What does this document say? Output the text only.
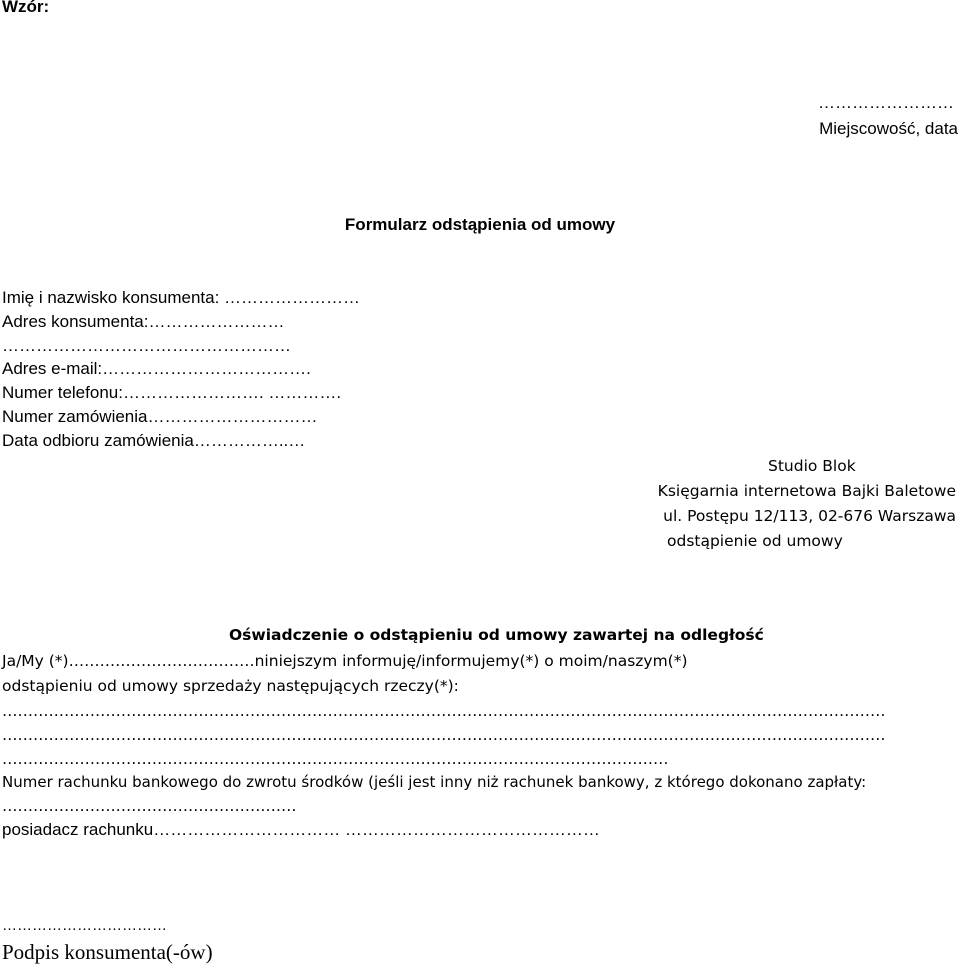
Wzór:
……………………
Miejscowość, data
Formularz odstąpienia od umowy
Imię i nazwisko konsumenta: ……………………
Adres konsumenta:……………………
……………………………………………
Adres e-mail:……………………………….
Numer telefonu:……………………. ………….
Numer zamówienia…………………………
Data odbioru zamówienia……………..…
Studio Blok
Księgarnia internetowa Bajki Baletowe
ul. Postępu 12/113, 02-676 Warszawa
odstąpienie od umowy
Oświadczenie o odstąpieniu od umowy zawartej na odległość
Ja/My (*)………………………………niniejszym informuję/informujemy(*) o moim/naszym(*)
odstąpieniu od umowy sprzedaży następujących rzeczy(*):
………………………………………………………………………………………………………………………………………………………
………………………………………………………………………………………………………………………………………………………
…………………………………………………………………………………………………………………
Numer rachunku bankowego do zwrotu środków (jeśli jest inny niż rachunek bankowy, z którego dokonano zapłaty:
…………………………………………………
posiadacz rachunku…………………………… ………………………………………
……………………………
Podpis konsumenta(-ów)
